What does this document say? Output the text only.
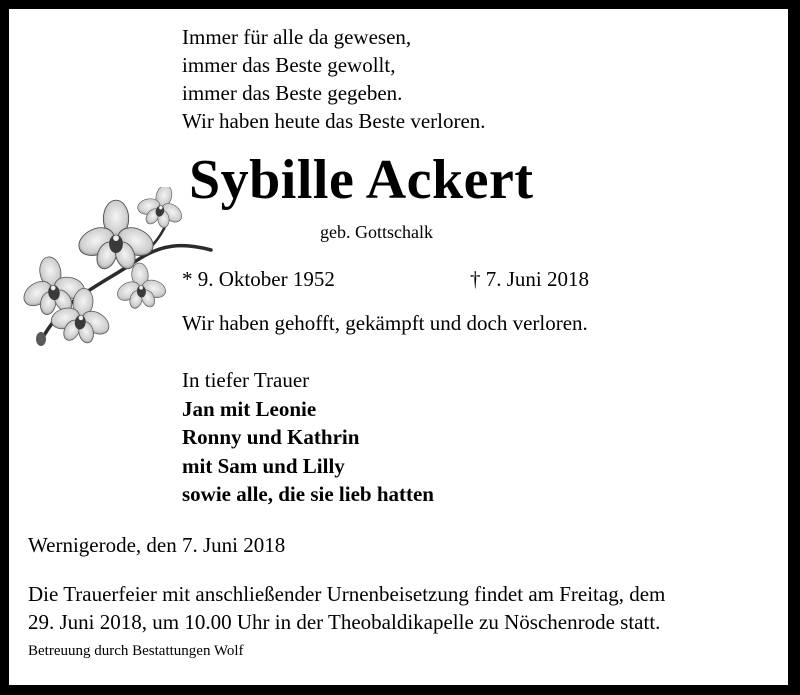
Immer für alle da gewesen,
immer das Beste gewollt,
immer das Beste gegeben.
Wir haben heute das Beste verloren.
Sybille Ackert
geb. Gottschalk
* 9. Oktober 1952	† 7. Juni 2018
Wir haben gehofft, gekämpft und doch verloren.
In tiefer Trauer
Jan mit Leonie
Ronny und Kathrin
mit Sam und Lilly
sowie alle, die sie lieb hatten
Wernigerode, den 7. Juni 2018
Die Trauerfeier mit anschließender Urnenbeisetzung findet am Freitag, dem
29. Juni 2018, um 10.00 Uhr in der Theobaldikapelle zu Nöschenrode statt.
Betreuung durch Bestattungen Wolf
